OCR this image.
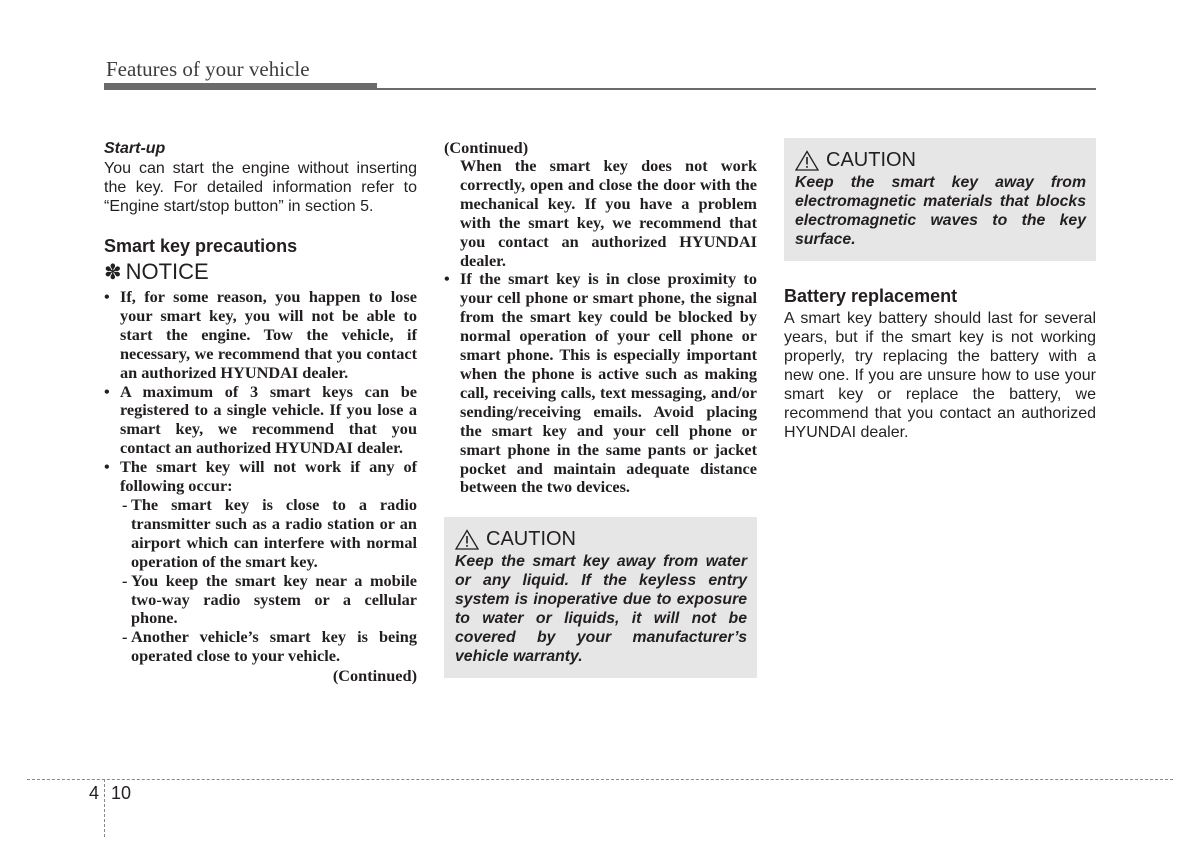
Features of your vehicle
Start-up
You can start the engine without inserting the key. For detailed information refer to “Engine start/stop button” in section 5.
Smart key precautions
✽ NOTICE
• If, for some reason, you happen to lose your smart key, you will not be able to start the engine. Tow the vehicle, if necessary, we recommend that you contact an authorized HYUNDAI dealer.
• A maximum of 3 smart keys can be registered to a single vehicle. If you lose a smart key, we recommend that you contact an authorized HYUNDAI dealer.
• The smart key will not work if any of following occur:
- The smart key is close to a radio transmitter such as a radio station or an airport which can interfere with normal operation of the smart key.
- You keep the smart key near a mobile two-way radio system or a cellular phone.
- Another vehicle’s smart key is being operated close to your vehicle.
(Continued)
(Continued)
When the smart key does not work correctly, open and close the door with the mechanical key. If you have a problem with the smart key, we recommend that you contact an authorized HYUNDAI dealer.
• If the smart key is in close proximity to your cell phone or smart phone, the signal from the smart key could be blocked by normal operation of your cell phone or smart phone. This is especially important when the phone is active such as making call, receiving calls, text messaging, and/or sending/receiving emails. Avoid placing the smart key and your cell phone or smart phone in the same pants or jacket pocket and maintain adequate distance between the two devices.
CAUTION
Keep the smart key away from water or any liquid. If the keyless entry system is inoperative due to exposure to water or liquids, it will not be covered by your manufacturer’s vehicle warranty.
CAUTION
Keep the smart key away from electromagnetic materials that blocks electromagnetic waves to the key surface.
Battery replacement
A smart key battery should last for several years, but if the smart key is not working properly, try replacing the battery with a new one. If you are unsure how to use your smart key or replace the battery, we recommend that you contact an authorized HYUNDAI dealer.
4 10
